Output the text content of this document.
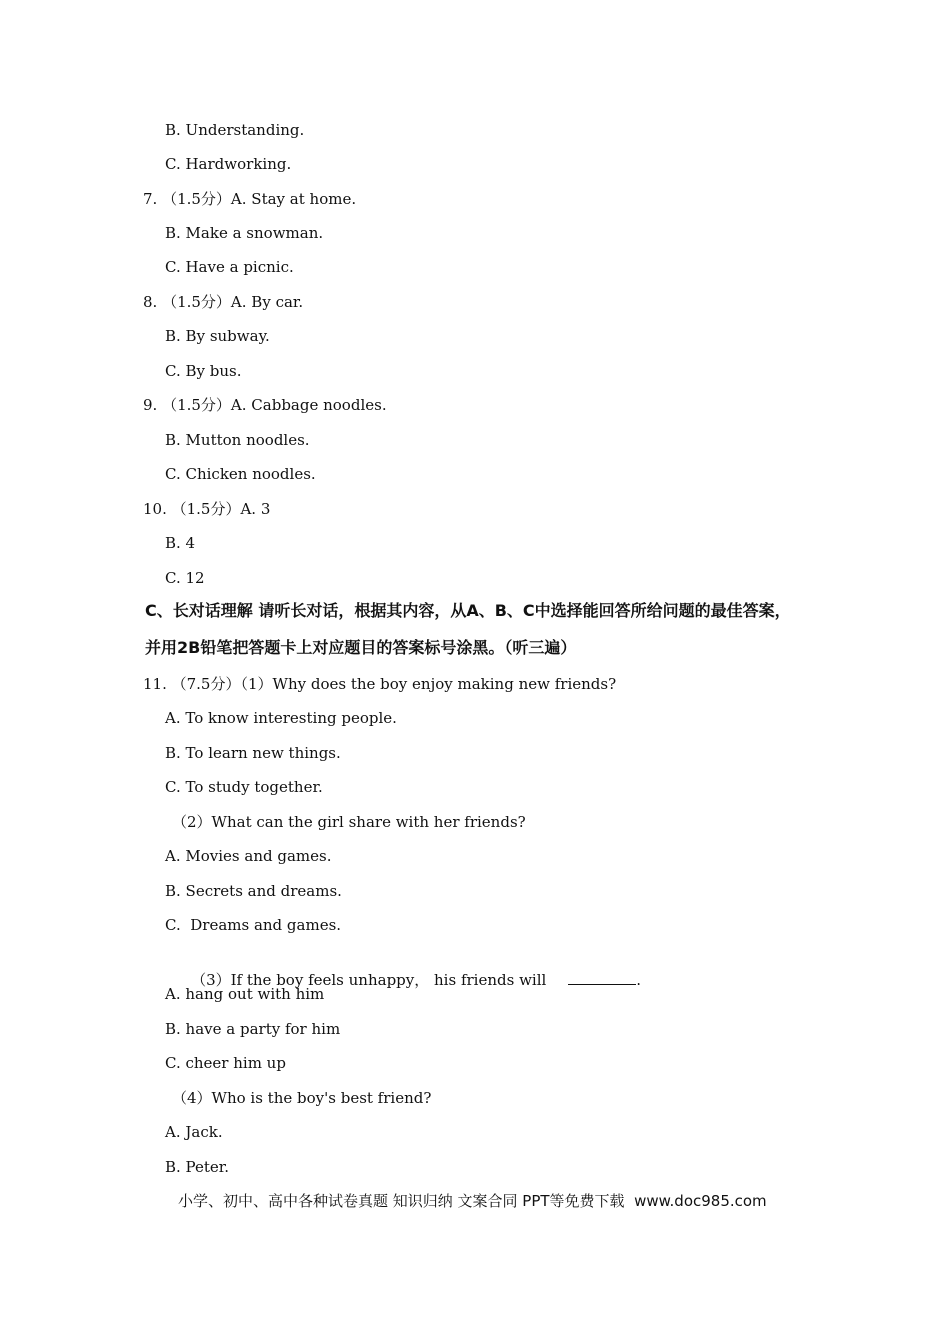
B. Understanding.
C. Hardworking.
7. （1.5分）A. Stay at home.
B. Make a snowman.
C. Have a picnic.
8. （1.5分）A. By car.
B. By subway.
C. By bus.
9. （1.5分）A. Cabbage noodles.
B. Mutton noodles.
C. Chicken noodles.
10. （1.5分）A. 3
B. 4
C. 12
C、长对话理解 请听长对话，根据其内容，从A、B、C中选择能回答所给问题的最佳答案，
并用2B铅笔把答题卡上对应题目的答案标号涂黑。（听三遍）
11. （7.5分）（1）Why does the boy enjoy making new friends?
A. To know interesting people.
B. To learn new things.
C. To study together.
（2）What can the girl share with her friends?
A. Movies and games.
B. Secrets and dreams.
C.  Dreams and games.

（3）If the boy feels unhappy， his friends will	.

A. hang out with him
B. have a party for him
C. cheer him up
（4）Who is the boy's best friend?
A. Jack.
B. Peter.
小学、初中、高中各种试卷真题 知识归纳 文案合同 PPT等免费下载  www.doc985.com
